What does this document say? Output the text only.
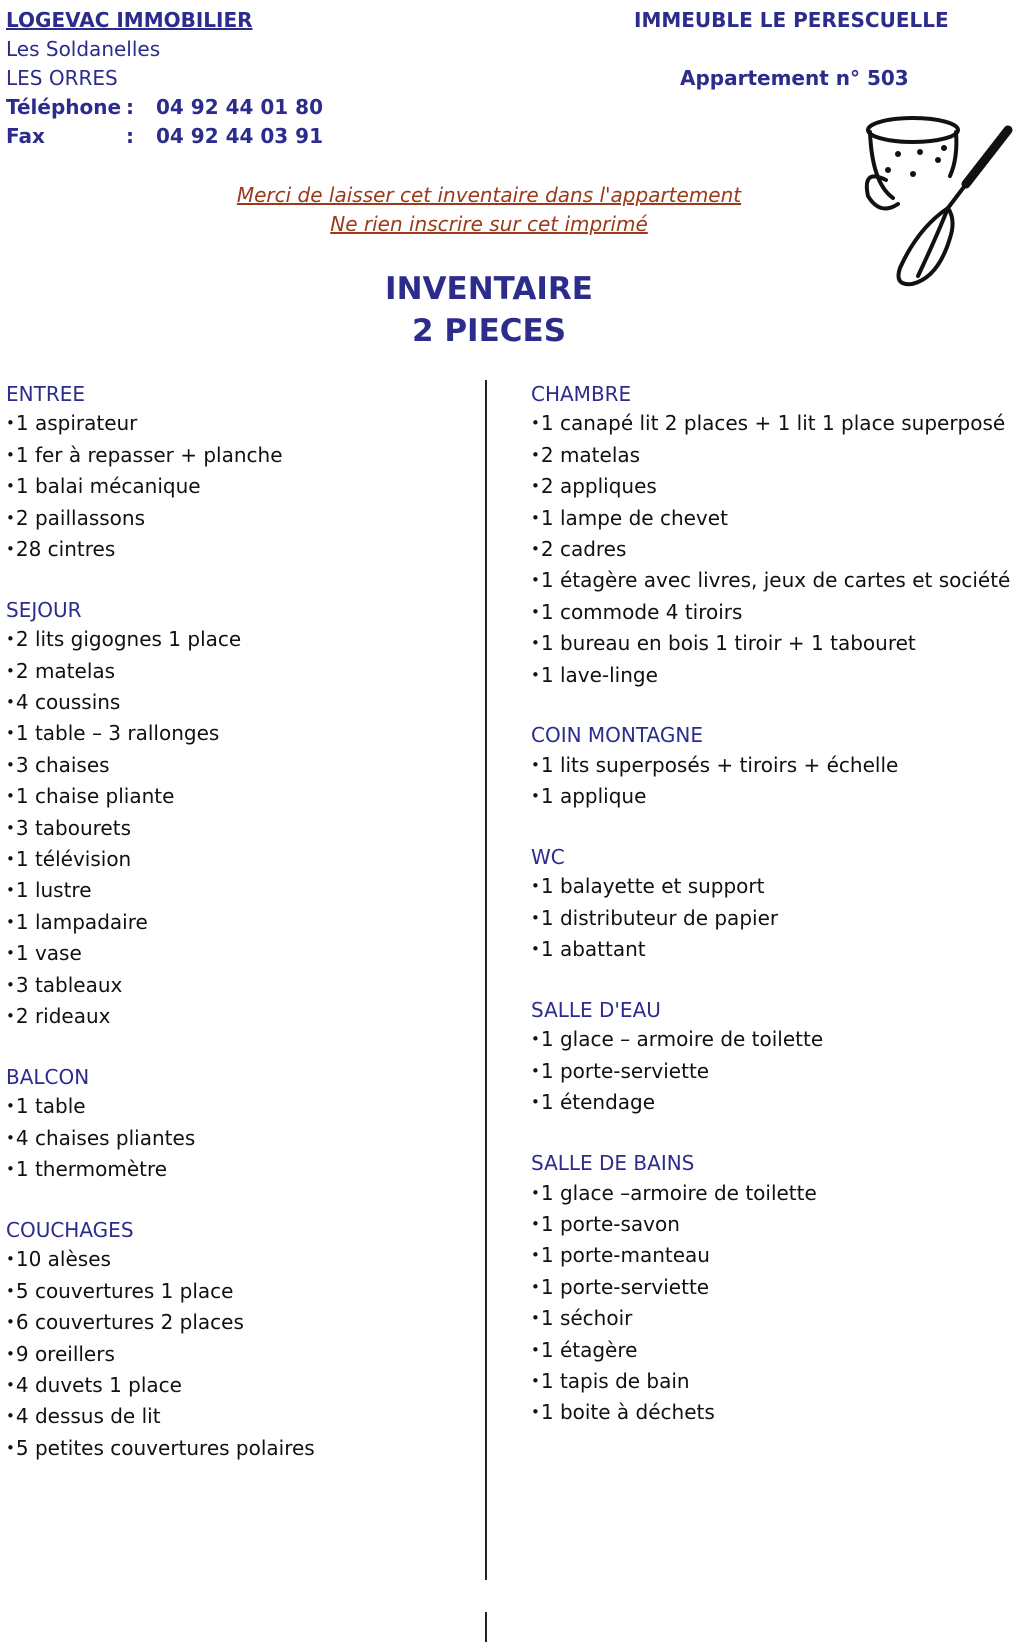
LOGEVAC IMMOBILIER
Les Soldanelles
LES ORRES
Téléphone : 04 92 44 01 80
Fax	: 04 92 44 03 91
IMMEUBLE LE PERESCUELLE
Appartement n° 503
Merci de laisser cet inventaire dans l'appartement
Ne rien inscrire sur cet imprimé
INVENTAIRE
2 PIECES
ENTREE
• 1 aspirateur
• 1 fer à repasser + planche
• 1 balai mécanique
• 2 paillassons
• 28 cintres
SEJOUR
• 2 lits gigognes 1 place
• 2 matelas
• 4 coussins
• 1 table – 3 rallonges
• 3 chaises
• 1 chaise pliante
• 3 tabourets
• 1 télévision
• 1 lustre
• 1 lampadaire
• 1 vase
• 3 tableaux
• 2 rideaux
BALCON
• 1 table
• 4 chaises pliantes
• 1 thermomètre
COUCHAGES
• 10 alèses
• 5 couvertures 1 place
• 6 couvertures 2 places
• 9 oreillers
• 4 duvets 1 place
• 4 dessus de lit
• 5 petites couvertures polaires
CHAMBRE
• 1 canapé lit 2 places + 1 lit 1 place superposé
• 2 matelas
• 2 appliques
• 1 lampe de chevet
• 2 cadres
• 1 étagère avec livres, jeux de cartes et société
• 1 commode 4 tiroirs
• 1 bureau en bois 1 tiroir + 1 tabouret
• 1 lave-linge
COIN MONTAGNE
• 1 lits superposés + tiroirs + échelle
• 1 applique
WC
• 1 balayette et support
• 1 distributeur de papier
• 1 abattant
SALLE D'EAU
• 1 glace – armoire de toilette
• 1 porte-serviette
• 1 étendage
SALLE DE BAINS
• 1 glace –armoire de toilette
• 1 porte-savon
• 1 porte-manteau
• 1 porte-serviette
• 1 séchoir
• 1 étagère
• 1 tapis de bain
• 1 boite à déchets
